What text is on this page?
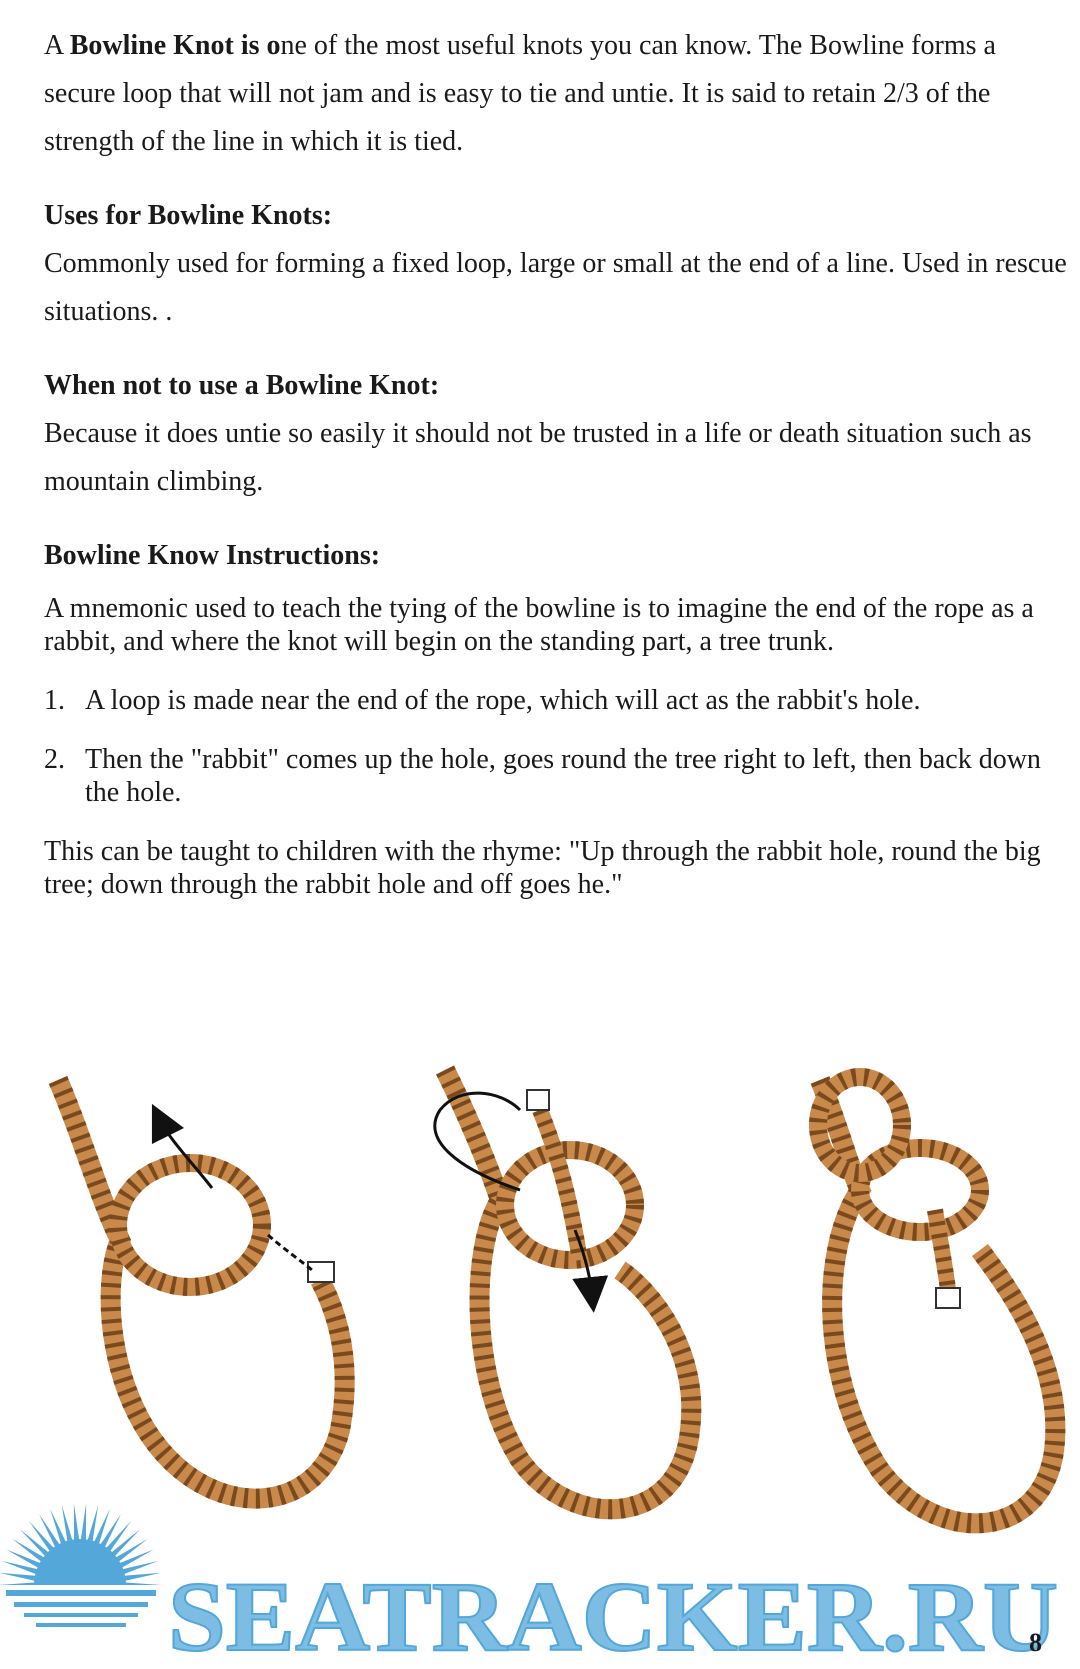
A Bowline Knot is one of the most useful knots you can know. The Bowline forms a secure loop that will not jam and is easy to tie and untie. It is said to retain 2/3 of the strength of the line in which it is tied.

Uses for Bowline Knots:

Commonly used for forming a fixed loop, large or small at the end of a line. Used in rescue situations. .

When not to use a Bowline Knot:

Because it does untie so easily it should not be trusted in a life or death situation such as mountain climbing.

Bowline Know Instructions:

A mnemonic used to teach the tying of the bowline is to imagine the end of the rope as a rabbit, and where the knot will begin on the standing part, a tree trunk.

1. A loop is made near the end of the rope, which will act as the rabbit's hole.
2. Then the "rabbit" comes up the hole, goes round the tree right to left, then back down the hole.

This can be taught to children with the rhyme: "Up through the rabbit hole, round the big tree; down through the rabbit hole and off goes he."

SEATRACKER.RU
8
